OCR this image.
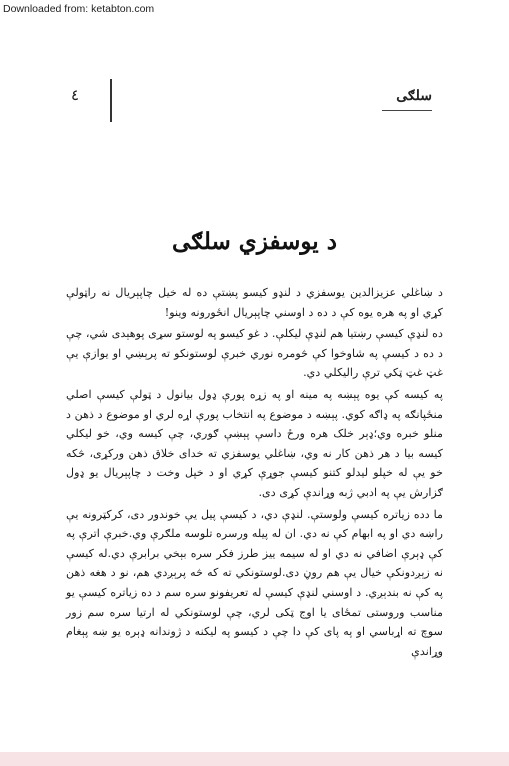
Downloaded from: ketabton.com
٤	سلګی
د یوسفزي سلګی

د ښاغلي عزیزالدین یوسفزي د لنډو کیسو پښتې ده له خیل چاپېریال نه راټولې کړي او په هره یوه کې د ده د اوسني چاپېریال انځورونه وینو!

ده لنډې کیسې رښتیا هم لنډې لیکلې. د غو کیسو په لوستو سړی پوهېدی شي، چې د ده د کیسې په شاوخوا کې څومره نوري خبرې لوستونکو ته پرېښي او یوازې یې غټ غټ ټکي ترې رالیکلي دي.

په کیسه کې یوه پېښه په مینه او په زړه پورې ډول بیانول د ټولې کیسې اصلي منځپانګه په ډاګه کوي. پېښه د موضوع په انتخاب پورې اړه لري او موضوع د ذهن د منلو خبره وي؛ډېر خلک هره ورځ داسې پېښې ګوري، چې کیسه وي، خو لیکلي کیسه بیا د هر ذهن کار نه وي، ښاغلي یوسفزي ته خدای خلاق ذهن ورکړی، څکه خو یې له خپلو لیدلو کتنو کیسې جوړې کړي او د خپل وخت د چاپېریال یو ډول ګزارش یې په ادبي ژبه وړاندې کړی دی.

ما دده زیاتره کیسې ولوستې. لنډې دي، د کیسې پیل یې خوندور دی، کرکټرونه یې راښه دي او په ابهام کې نه دي. ان له پیله ورسره تلوسه ملګرې وي.خبرې اترې په کې ډېرې اضافي نه دي او له سیمه ییز طرز فکر سره بېخي برابرې دي.له کیسې نه زېږدونکې خیال یې هم روڼ دی.لوستونکي ته که څه پرېږدي هم، نو د هغه ذهن په کې نه بندېږي. د اوسني لنډې کیسې له تعریفونو سره سم د ده زیاتره کیسې یو مناسب وروستی تمځای یا اوج ټکی لري، چې لوستونکي له ارتیا سره سم زور سوچ ته اړباسي او په پای کې دا چې د کیسو په لیکنه د ژوندانه ډېره یو ښه پېغام وړاندې
